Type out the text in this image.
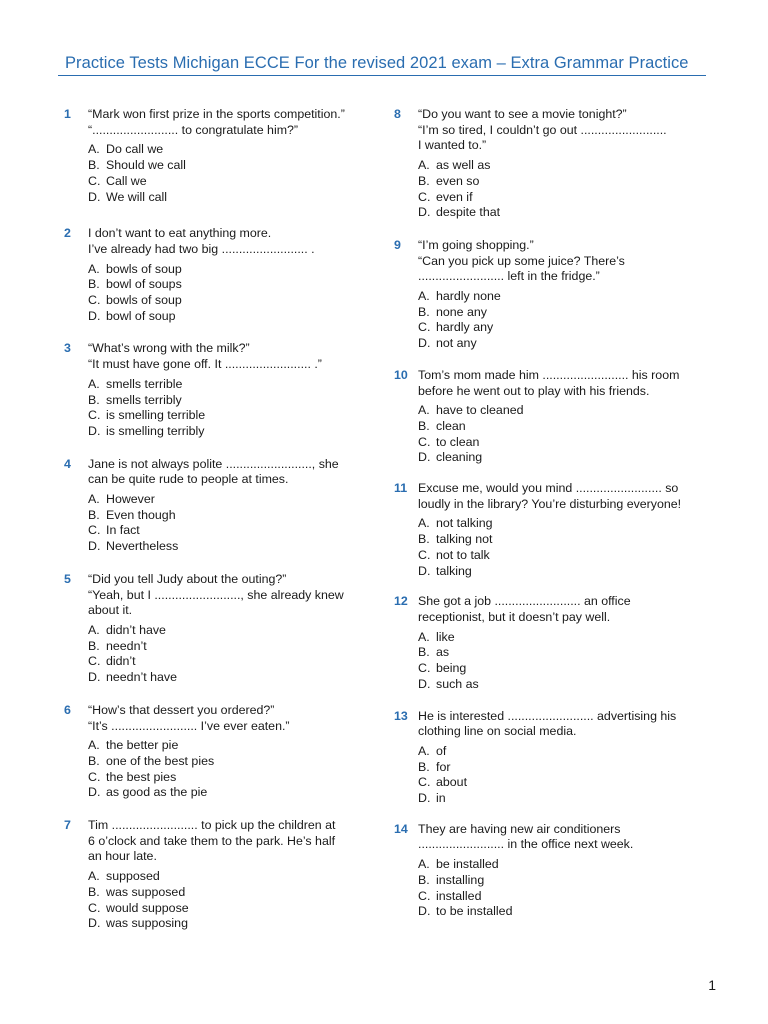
Practice Tests Michigan ECCE For the revised 2021 exam – Extra Grammar Practice
1 “Mark won first prize in the sports competition.”
“......................... to congratulate him?”
A. Do call we
B. Should we call
C. Call we
D. We will call
2 I don’t want to eat anything more.
I’ve already had two big ......................... .
A. bowls of soup
B. bowl of soups
C. bowls of soup
D. bowl of soup
3 “What’s wrong with the milk?”
“It must have gone off. It ......................... .”
A. smells terrible
B. smells terribly
C. is smelling terrible
D. is smelling terribly
4 Jane is not always polite ........................., she
can be quite rude to people at times.
A. However
B. Even though
C. In fact
D. Nevertheless
5 “Did you tell Judy about the outing?”
“Yeah, but I ........................., she already knew
about it.
A. didn’t have
B. needn’t
C. didn’t
D. needn’t have
6 “How’s that dessert you ordered?”
“It’s ......................... I’ve ever eaten.”
A. the better pie
B. one of the best pies
C. the best pies
D. as good as the pie
7 Tim ......................... to pick up the children at
6 o’clock and take them to the park. He’s half
an hour late.
A. supposed
B. was supposed
C. would suppose
D. was supposing
8 “Do you want to see a movie tonight?”
“I’m so tired, I couldn’t go out .........................
I wanted to.”
A. as well as
B. even so
C. even if
D. despite that
9 “I’m going shopping.”
“Can you pick up some juice? There’s
......................... left in the fridge.”
A. hardly none
B. none any
C. hardly any
D. not any
10 Tom’s mom made him ......................... his room
before he went out to play with his friends.
A. have to cleaned
B. clean
C. to clean
D. cleaning
11 Excuse me, would you mind ......................... so
loudly in the library? You’re disturbing everyone!
A. not talking
B. talking not
C. not to talk
D. talking
12 She got a job ......................... an office
receptionist, but it doesn’t pay well.
A. like
B. as
C. being
D. such as
13 He is interested ......................... advertising his
clothing line on social media.
A. of
B. for
C. about
D. in
14 They are having new air conditioners
......................... in the office next week.
A. be installed
B. installing
C. installed
D. to be installed
1
